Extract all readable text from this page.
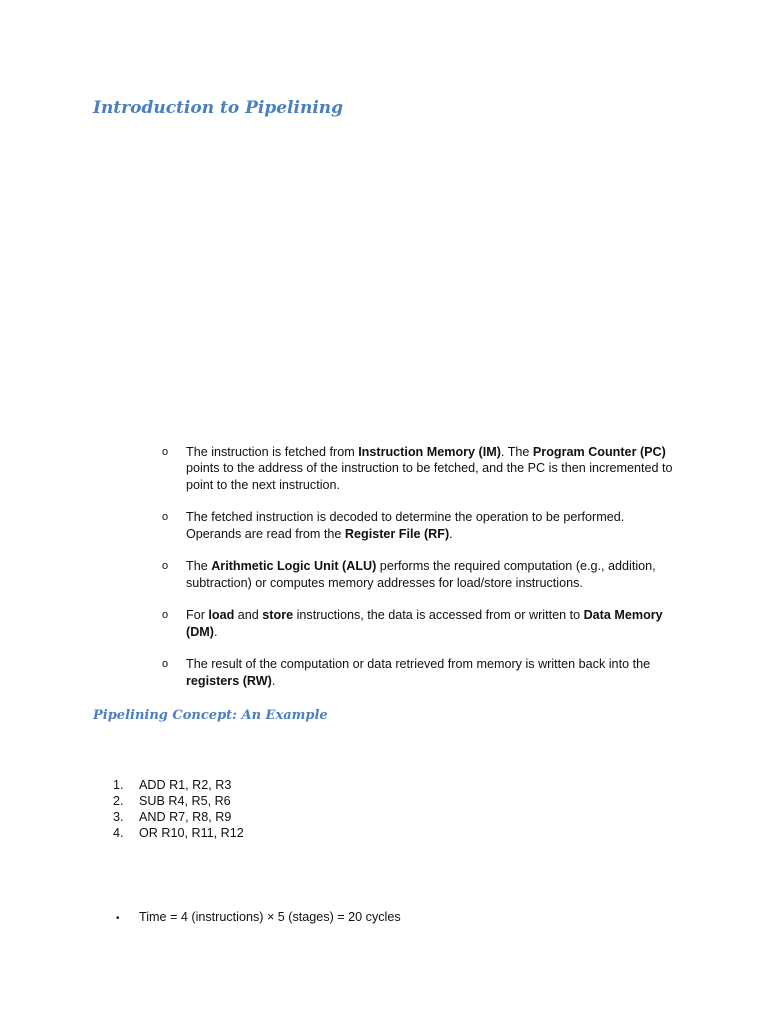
Introduction to Pipelining
o The instruction is fetched from Instruction Memory (IM). The Program Counter (PC) points to the address of the instruction to be fetched, and the PC is then incremented to point to the next instruction.
o The fetched instruction is decoded to determine the operation to be performed. Operands are read from the Register File (RF).
o The Arithmetic Logic Unit (ALU) performs the required computation (e.g., addition, subtraction) or computes memory addresses for load/store instructions.
o For load and store instructions, the data is accessed from or written to Data Memory (DM).
o The result of the computation or data retrieved from memory is written back into the registers (RW).
Pipelining Concept: An Example
1. ADD R1, R2, R3
2. SUB R4, R5, R6
3. AND R7, R8, R9
4. OR R10, R11, R12
• Time = 4 (instructions) × 5 (stages) = 20 cycles
